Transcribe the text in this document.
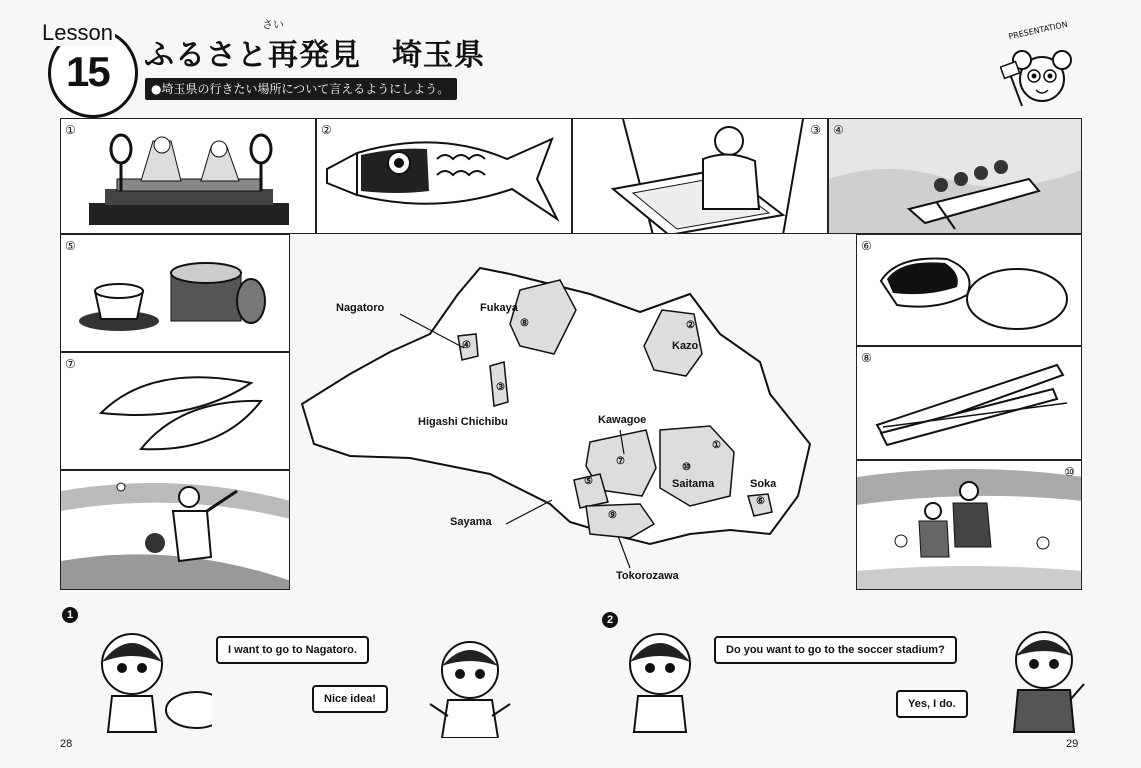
Lesson
15
さい
ふるさと再発見　埼玉県
●埼玉県の行きたい場所について言えるようにしよう。
PRESENTATION
①	②	③ ④
⑤
⑦
Nagatoro	Fukaya
Kazo
Higashi Chichibu	Kawagoe
Saitama	Soka
Sayama
Tokorozawa
①
②
③
④
⑤
⑥
⑦
⑧
⑨
⑩
⑥
⑧
⑩
1
I want to go to Nagatoro.
Nice idea!
2
Do you want to go to the soccer stadium?
Yes, I do.
28	29
